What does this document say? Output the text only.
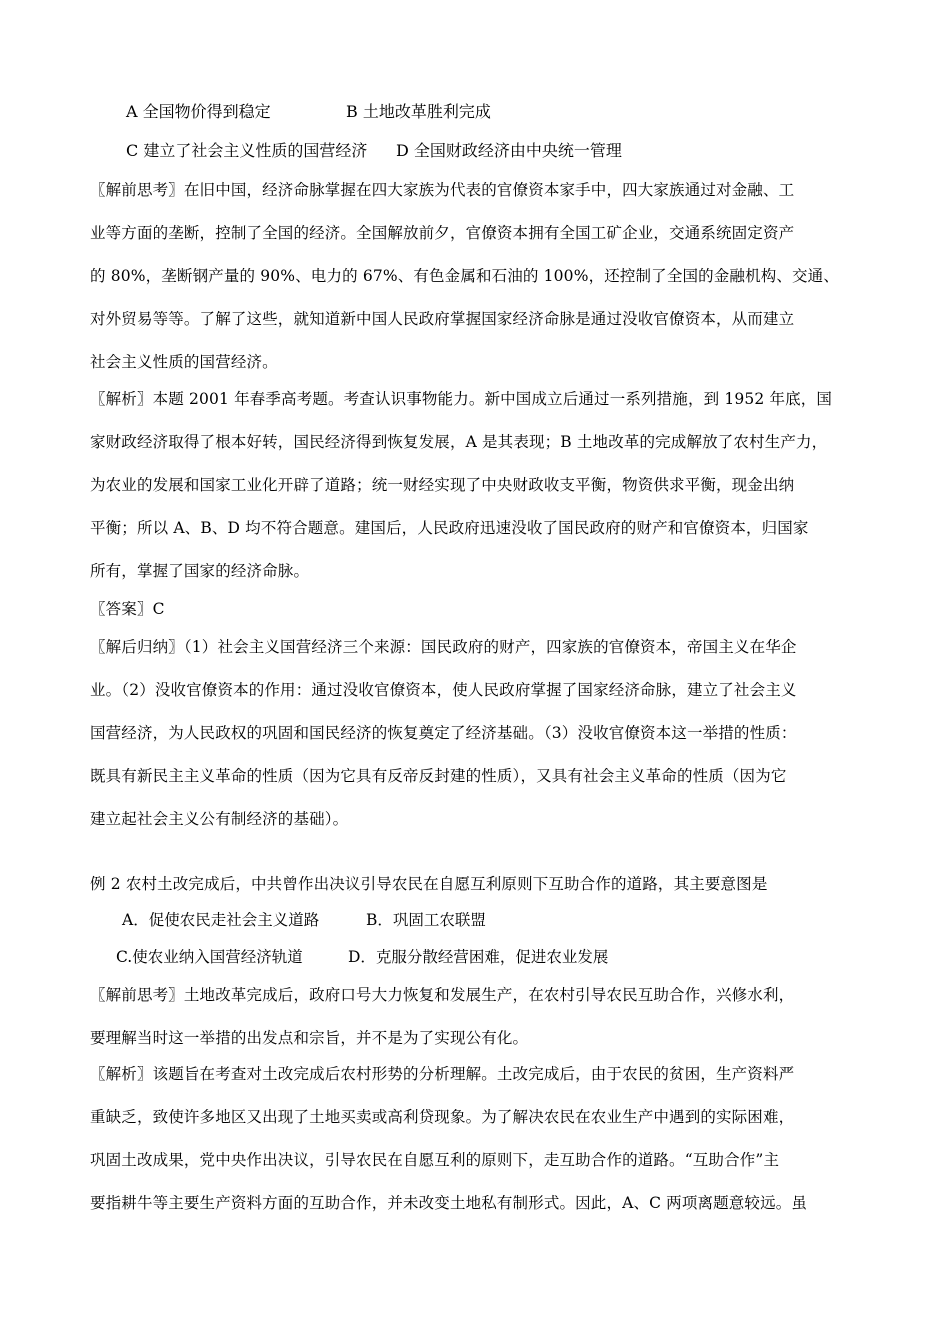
A 全国物价得到稳定	B 土地改革胜利完成
C 建立了社会主义性质的国营经济 D 全国财政经济由中央统一管理
〖解前思考〗在旧中国，经济命脉掌握在四大家族为代表的官僚资本家手中，四大家族通过对金融、工
业等方面的垄断，控制了全国的经济。全国解放前夕，官僚资本拥有全国工矿企业，交通系统固定资产
的 80%，垄断钢产量的 90%、电力的 67%、有色金属和石油的 100%，还控制了全国的金融机构、交通、
对外贸易等等。了解了这些，就知道新中国人民政府掌握国家经济命脉是通过没收官僚资本，从而建立
社会主义性质的国营经济。
〖解析〗本题 2001 年春季高考题。考查认识事物能力。新中国成立后通过一系列措施，到 1952 年底，国
家财政经济取得了根本好转，国民经济得到恢复发展，A 是其表现；B 土地改革的完成解放了农村生产力，
为农业的发展和国家工业化开辟了道路；统一财经实现了中央财政收支平衡，物资供求平衡，现金出纳
平衡；所以 A、B、D 均不符合题意。建国后，人民政府迅速没收了国民政府的财产和官僚资本，归国家
所有，掌握了国家的经济命脉。
〖答案〗C
〖解后归纳〗（1）社会主义国营经济三个来源：国民政府的财产，四家族的官僚资本，帝国主义在华企
业。（2）没收官僚资本的作用：通过没收官僚资本，使人民政府掌握了国家经济命脉，建立了社会主义
国营经济，为人民政权的巩固和国民经济的恢复奠定了经济基础。（3）没收官僚资本这一举措的性质：
既具有新民主主义革命的性质（因为它具有反帝反封建的性质），又具有社会主义革命的性质（因为它
建立起社会主义公有制经济的基础）。
例 2 农村土改完成后，中共曾作出决议引导农民在自愿互利原则下互助合作的道路，其主要意图是
A．促使农民走社会主义道路	B．巩固工农联盟
C.使农业纳入国营经济轨道	D．克服分散经营困难，促进农业发展
〖解前思考〗土地改革完成后，政府口号大力恢复和发展生产，在农村引导农民互助合作，兴修水利，
要理解当时这一举措的出发点和宗旨，并不是为了实现公有化。
〖解析〗该题旨在考查对土改完成后农村形势的分析理解。土改完成后，由于农民的贫困，生产资料严
重缺乏，致使许多地区又出现了土地买卖或高利贷现象。为了解决农民在农业生产中遇到的实际困难，
巩固土改成果，党中央作出决议，引导农民在自愿互利的原则下，走互助合作的道路。“互助合作”主
要指耕牛等主要生产资料方面的互助合作，并未改变土地私有制形式。因此，A、C 两项离题意较远。虽
